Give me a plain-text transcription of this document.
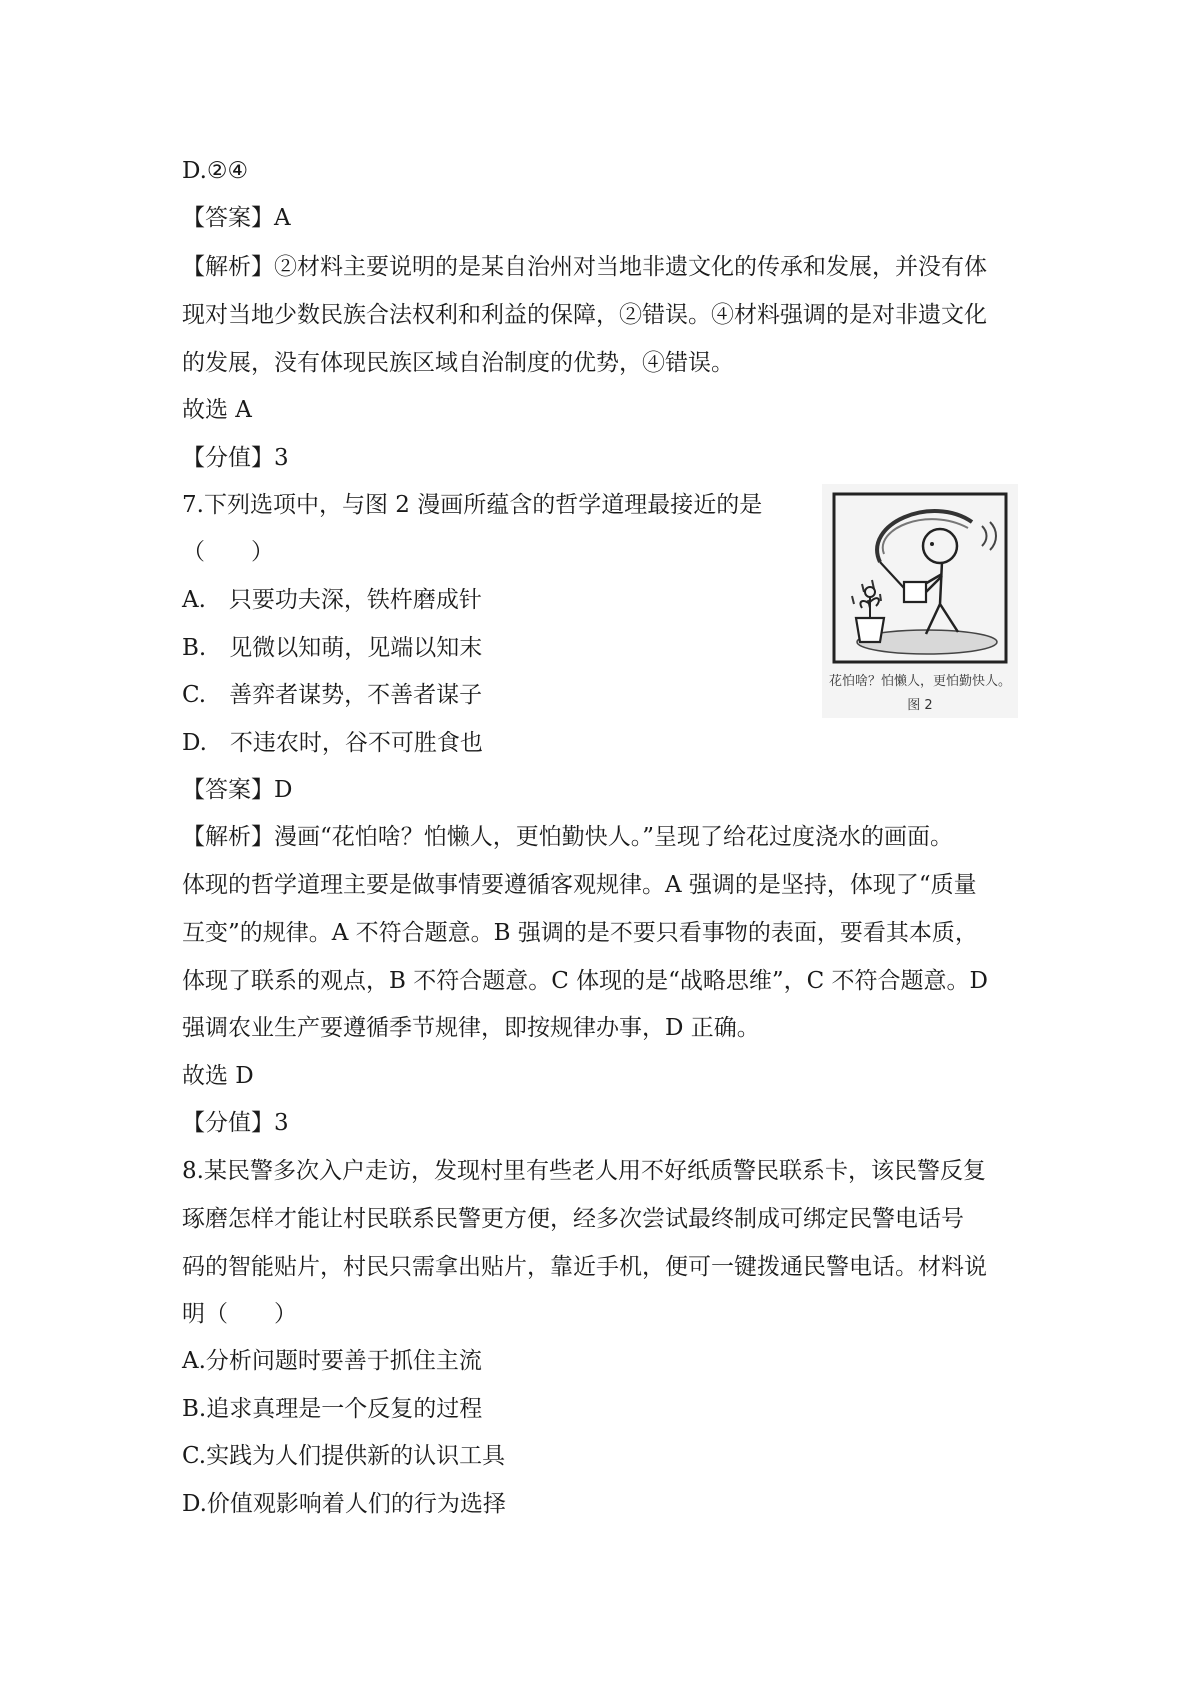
D.②④
【答案】A
【解析】②材料主要说明的是某自治州对当地非遗文化的传承和发展，并没有体
现对当地少数民族合法权利和利益的保障，②错误。④材料强调的是对非遗文化
的发展，没有体现民族区域自治制度的优势，④错误。
故选 A
【分值】3
7.下列选项中，与图 2 漫画所蕴含的哲学道理最接近的是
（　　）
A.　只要功夫深，铁杵磨成针
B.　见微以知萌，见端以知末
C.　善弈者谋势，不善者谋子
D.　不违农时，谷不可胜食也
花怕啥？怕懒人，更怕勤快人。
图 2
【答案】D
【解析】漫画“花怕啥？怕懒人，更怕勤快人。”呈现了给花过度浇水的画面。
体现的哲学道理主要是做事情要遵循客观规律。A 强调的是坚持，体现了“质量
互变”的规律。A 不符合题意。B 强调的是不要只看事物的表面，要看其本质，
体现了联系的观点，B 不符合题意。C 体现的是“战略思维”，C 不符合题意。D
强调农业生产要遵循季节规律，即按规律办事，D 正确。
故选 D
【分值】3
8.某民警多次入户走访，发现村里有些老人用不好纸质警民联系卡，该民警反复
琢磨怎样才能让村民联系民警更方便，经多次尝试最终制成可绑定民警电话号
码的智能贴片，村民只需拿出贴片，靠近手机，便可一键拨通民警电话。材料说
明（　　）
A.分析问题时要善于抓住主流
B.追求真理是一个反复的过程
C.实践为人们提供新的认识工具
D.价值观影响着人们的行为选择
